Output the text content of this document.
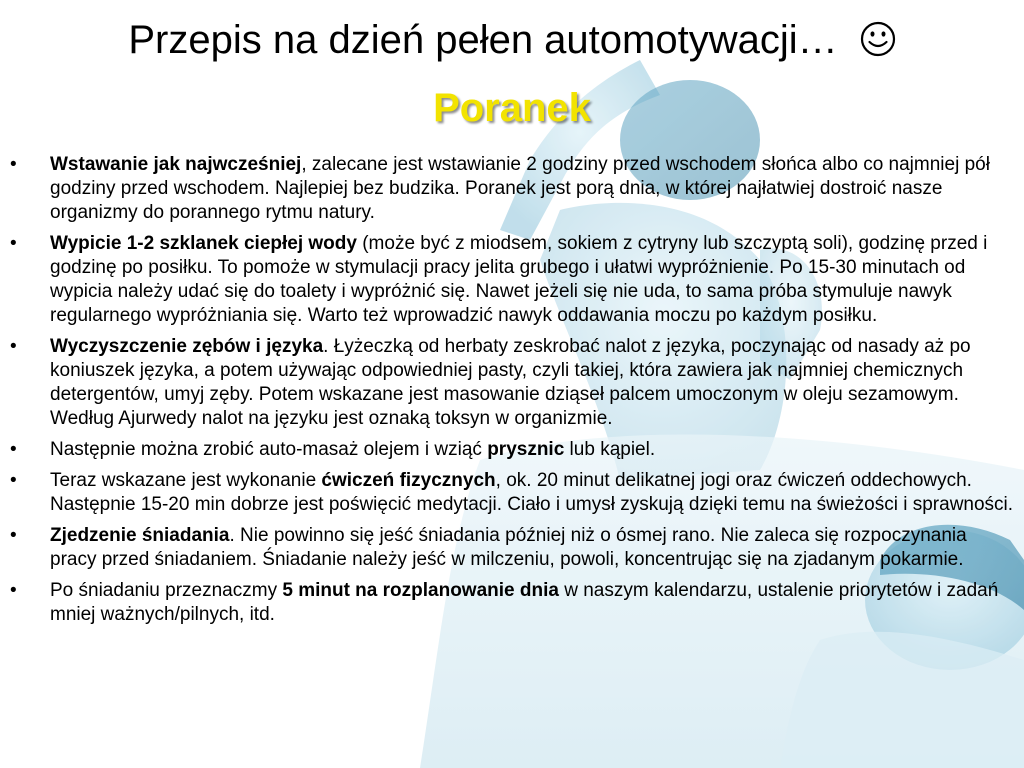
Przepis na dzień pełen automotywacji…
Poranek
•	Wstawanie jak najwcześniej, zalecane jest wstawianie 2 godziny przed wschodem słońca albo co najmniej pół godziny przed wschodem. Najlepiej bez budzika. Poranek jest porą dnia, w której najłatwiej dostroić nasze organizmy do porannego rytmu natury.
•	Wypicie 1-2 szklanek ciepłej wody (może być z miodsem, sokiem z cytryny lub szczyptą soli), godzinę przed i godzinę po posiłku. To pomoże w stymulacji pracy jelita grubego i ułatwi wypróżnienie. Po 15-30 minutach od wypicia należy udać się do toalety i wypróżnić się. Nawet jeżeli się nie uda, to sama próba stymuluje nawyk regularnego wypróżniania się. Warto też wprowadzić nawyk oddawania moczu po każdym posiłku.
•	Wyczyszczenie zębów i języka. Łyżeczką od herbaty zeskrobać nalot z języka, poczynając od nasady aż po koniuszek języka, a potem używając odpowiedniej pasty, czyli takiej, która zawiera jak najmniej chemicznych detergentów, umyj zęby. Potem wskazane jest masowanie dziąseł palcem umoczonym w oleju sezamowym. Według Ajurwedy nalot na języku jest oznaką toksyn w organizmie.
•	Następnie można zrobić auto-masaż olejem i wziąć prysznic lub kąpiel.
•	Teraz wskazane jest wykonanie ćwiczeń fizycznych, ok. 20 minut delikatnej jogi oraz ćwiczeń oddechowych. Następnie 15-20 min dobrze jest poświęcić medytacji. Ciało i umysł zyskują dzięki temu na świeżości i sprawności.
•	Zjedzenie śniadania. Nie powinno się jeść śniadania później niż o ósmej rano. Nie zaleca się rozpoczynania pracy przed śniadaniem. Śniadanie należy jeść w milczeniu, powoli, koncentrując się na zjadanym pokarmie.
•	Po śniadaniu przeznaczmy 5 minut na rozplanowanie dnia w naszym kalendarzu, ustalenie priorytetów i zadań mniej ważnych/pilnych, itd.
